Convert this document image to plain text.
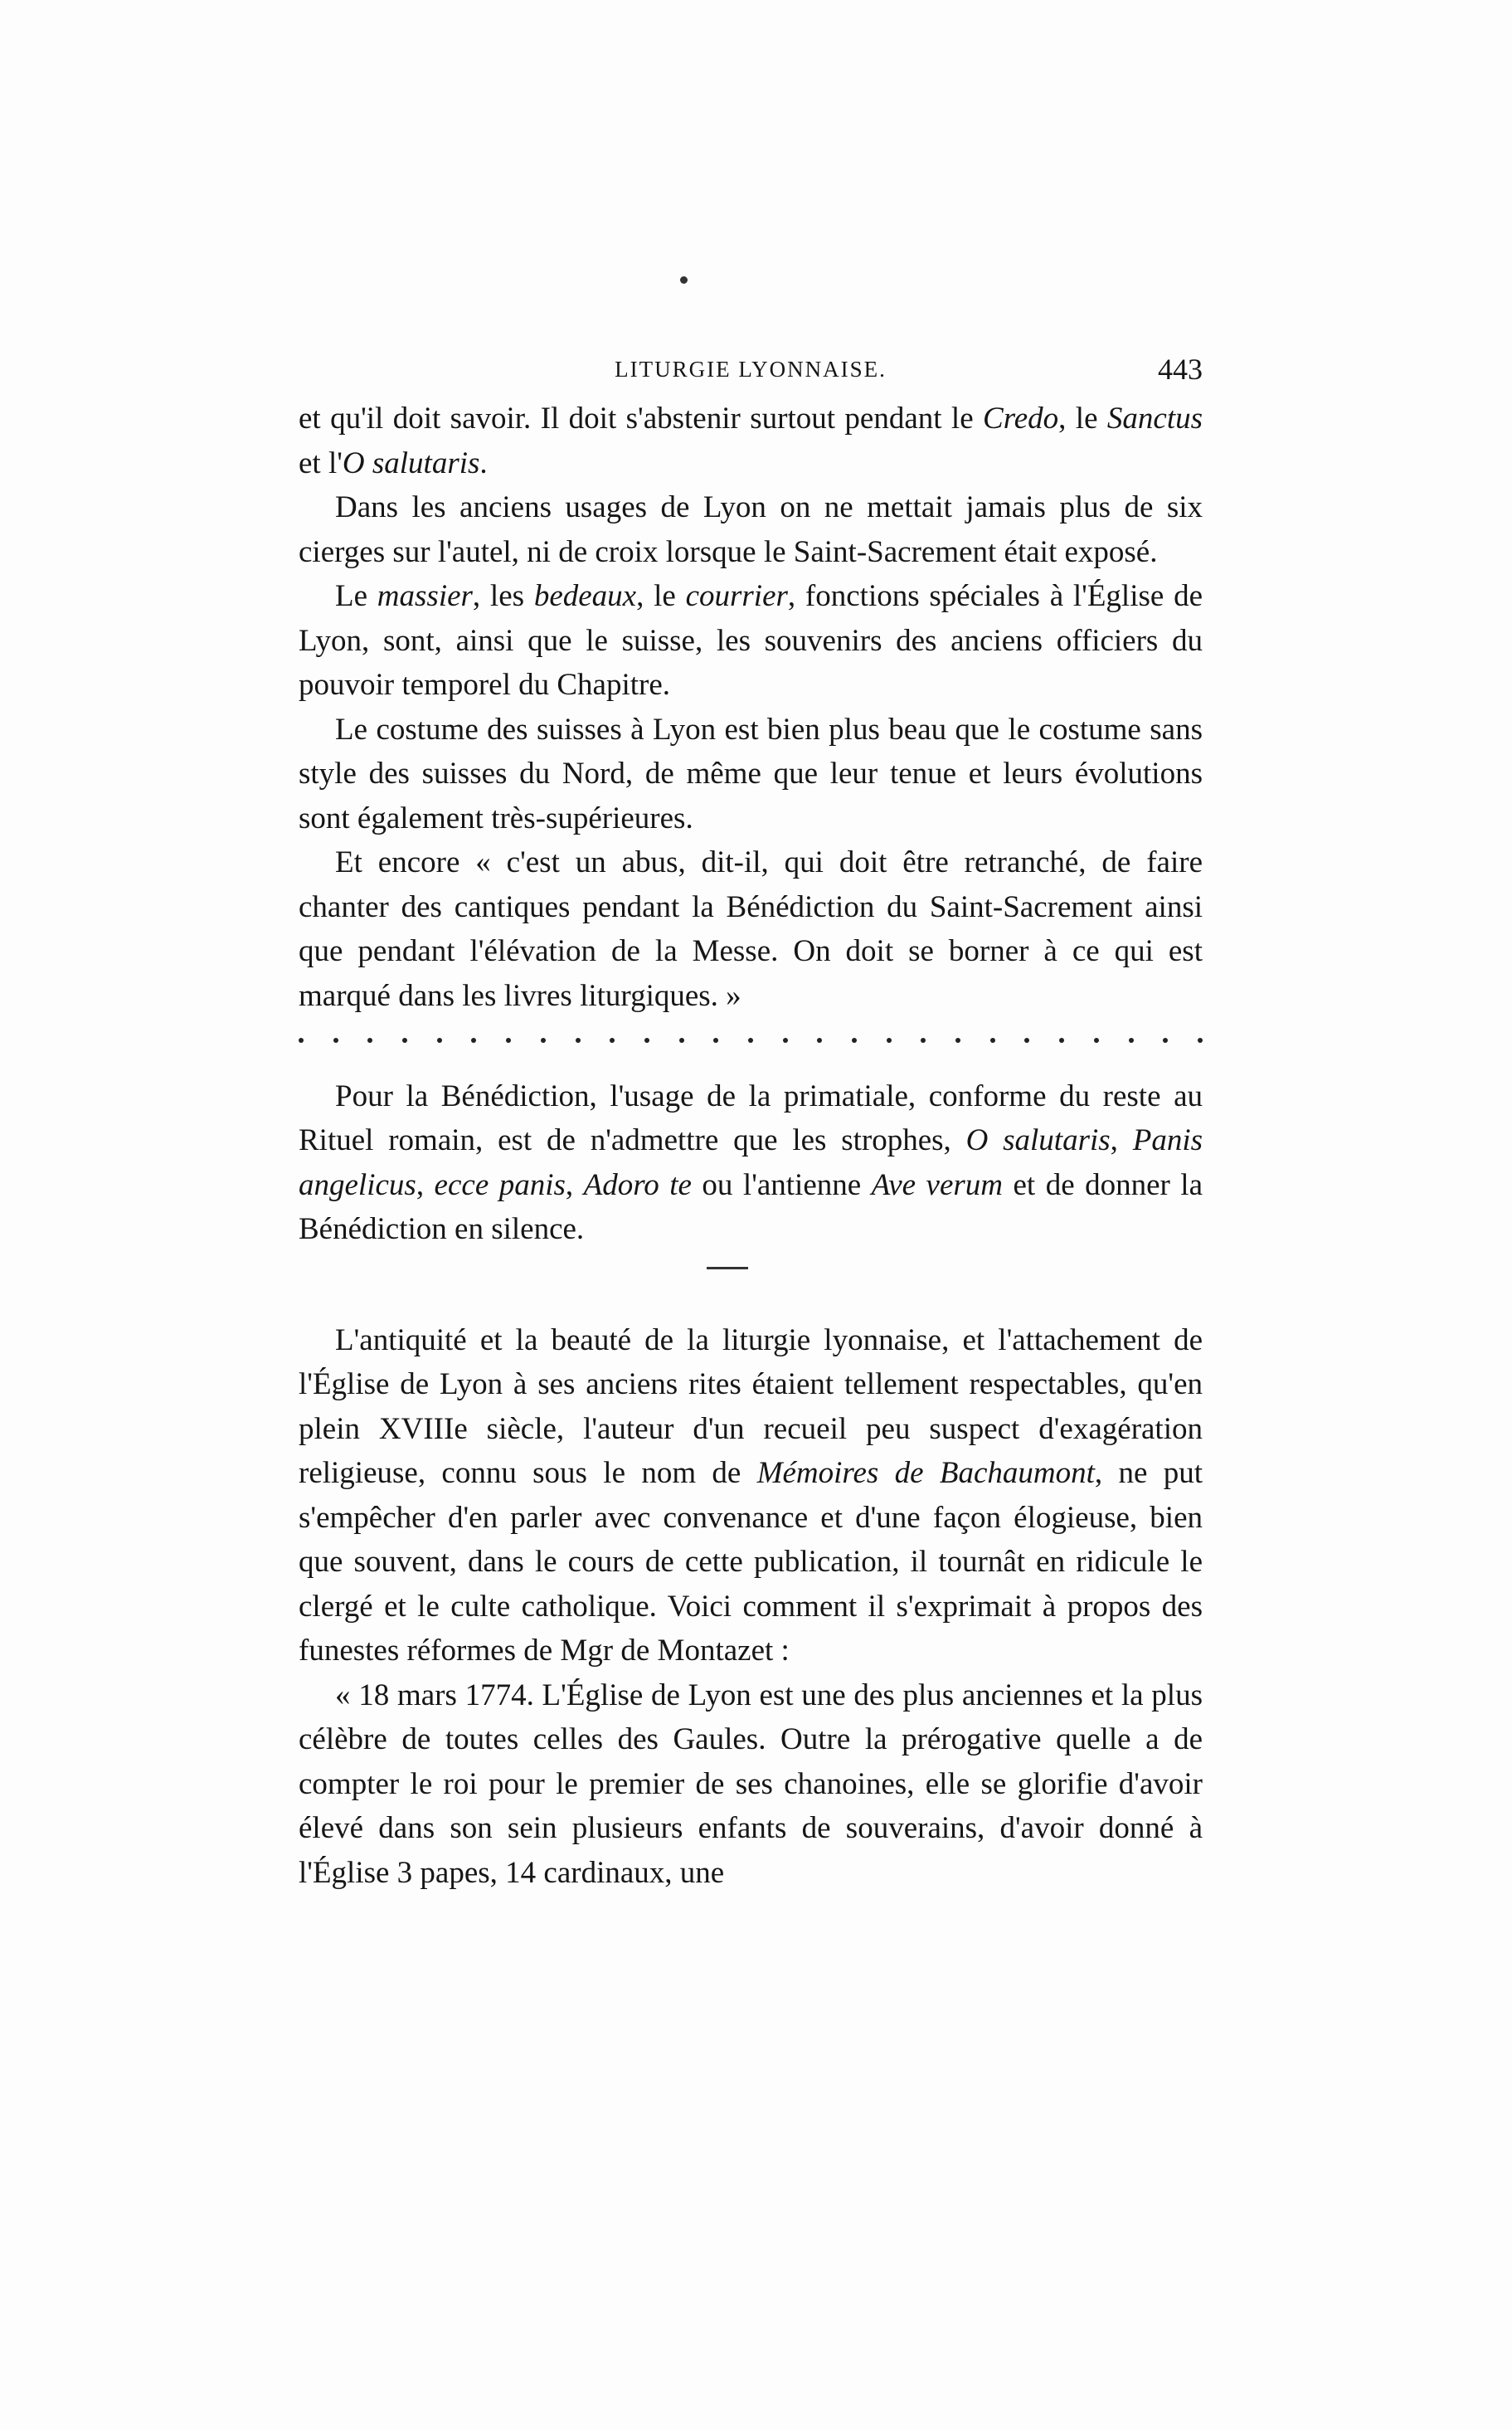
LITURGIE LYONNAISE.	443

et qu'il doit savoir. Il doit s'abstenir surtout pendant le Credo, le Sanctus et l'O salutaris.

Dans les anciens usages de Lyon on ne mettait jamais plus de six cierges sur l'autel, ni de croix lorsque le Saint-Sacrement était exposé.

Le massier, les bedeaux, le courrier, fonctions spéciales à l'Église de Lyon, sont, ainsi que le suisse, les souvenirs des anciens officiers du pouvoir temporel du Chapitre.

Le costume des suisses à Lyon est bien plus beau que le costume sans style des suisses du Nord, de même que leur tenue et leurs évolutions sont également très-supérieures.

Et encore « c'est un abus, dit-il, qui doit être retranché, de faire chanter des cantiques pendant la Bénédiction du Saint-Sacrement ainsi que pendant l'élévation de la Messe. On doit se borner à ce qui est marqué dans les livres liturgiques. »

Pour la Bénédiction, l'usage de la primatiale, conforme du reste au Rituel romain, est de n'admettre que les strophes, O salutaris, Panis angelicus, ecce panis, Adoro te ou l'antienne Ave verum et de donner la Bénédiction en silence.

L'antiquité et la beauté de la liturgie lyonnaise, et l'attachement de l'Église de Lyon à ses anciens rites étaient tellement respectables, qu'en plein XVIIIe siècle, l'auteur d'un recueil peu suspect d'exagération religieuse, connu sous le nom de Mémoires de Bachaumont, ne put s'empêcher d'en parler avec convenance et d'une façon élogieuse, bien que souvent, dans le cours de cette publication, il tournât en ridicule le clergé et le culte catholique. Voici comment il s'exprimait à propos des funestes réformes de Mgr de Montazet :

« 18 mars 1774. L'Église de Lyon est une des plus anciennes et la plus célèbre de toutes celles des Gaules. Outre la prérogative quelle a de compter le roi pour le premier de ses chanoines, elle se glorifie d'avoir élevé dans son sein plusieurs enfants de souverains, d'avoir donné à l'Église 3 papes, 14 cardinaux, une
